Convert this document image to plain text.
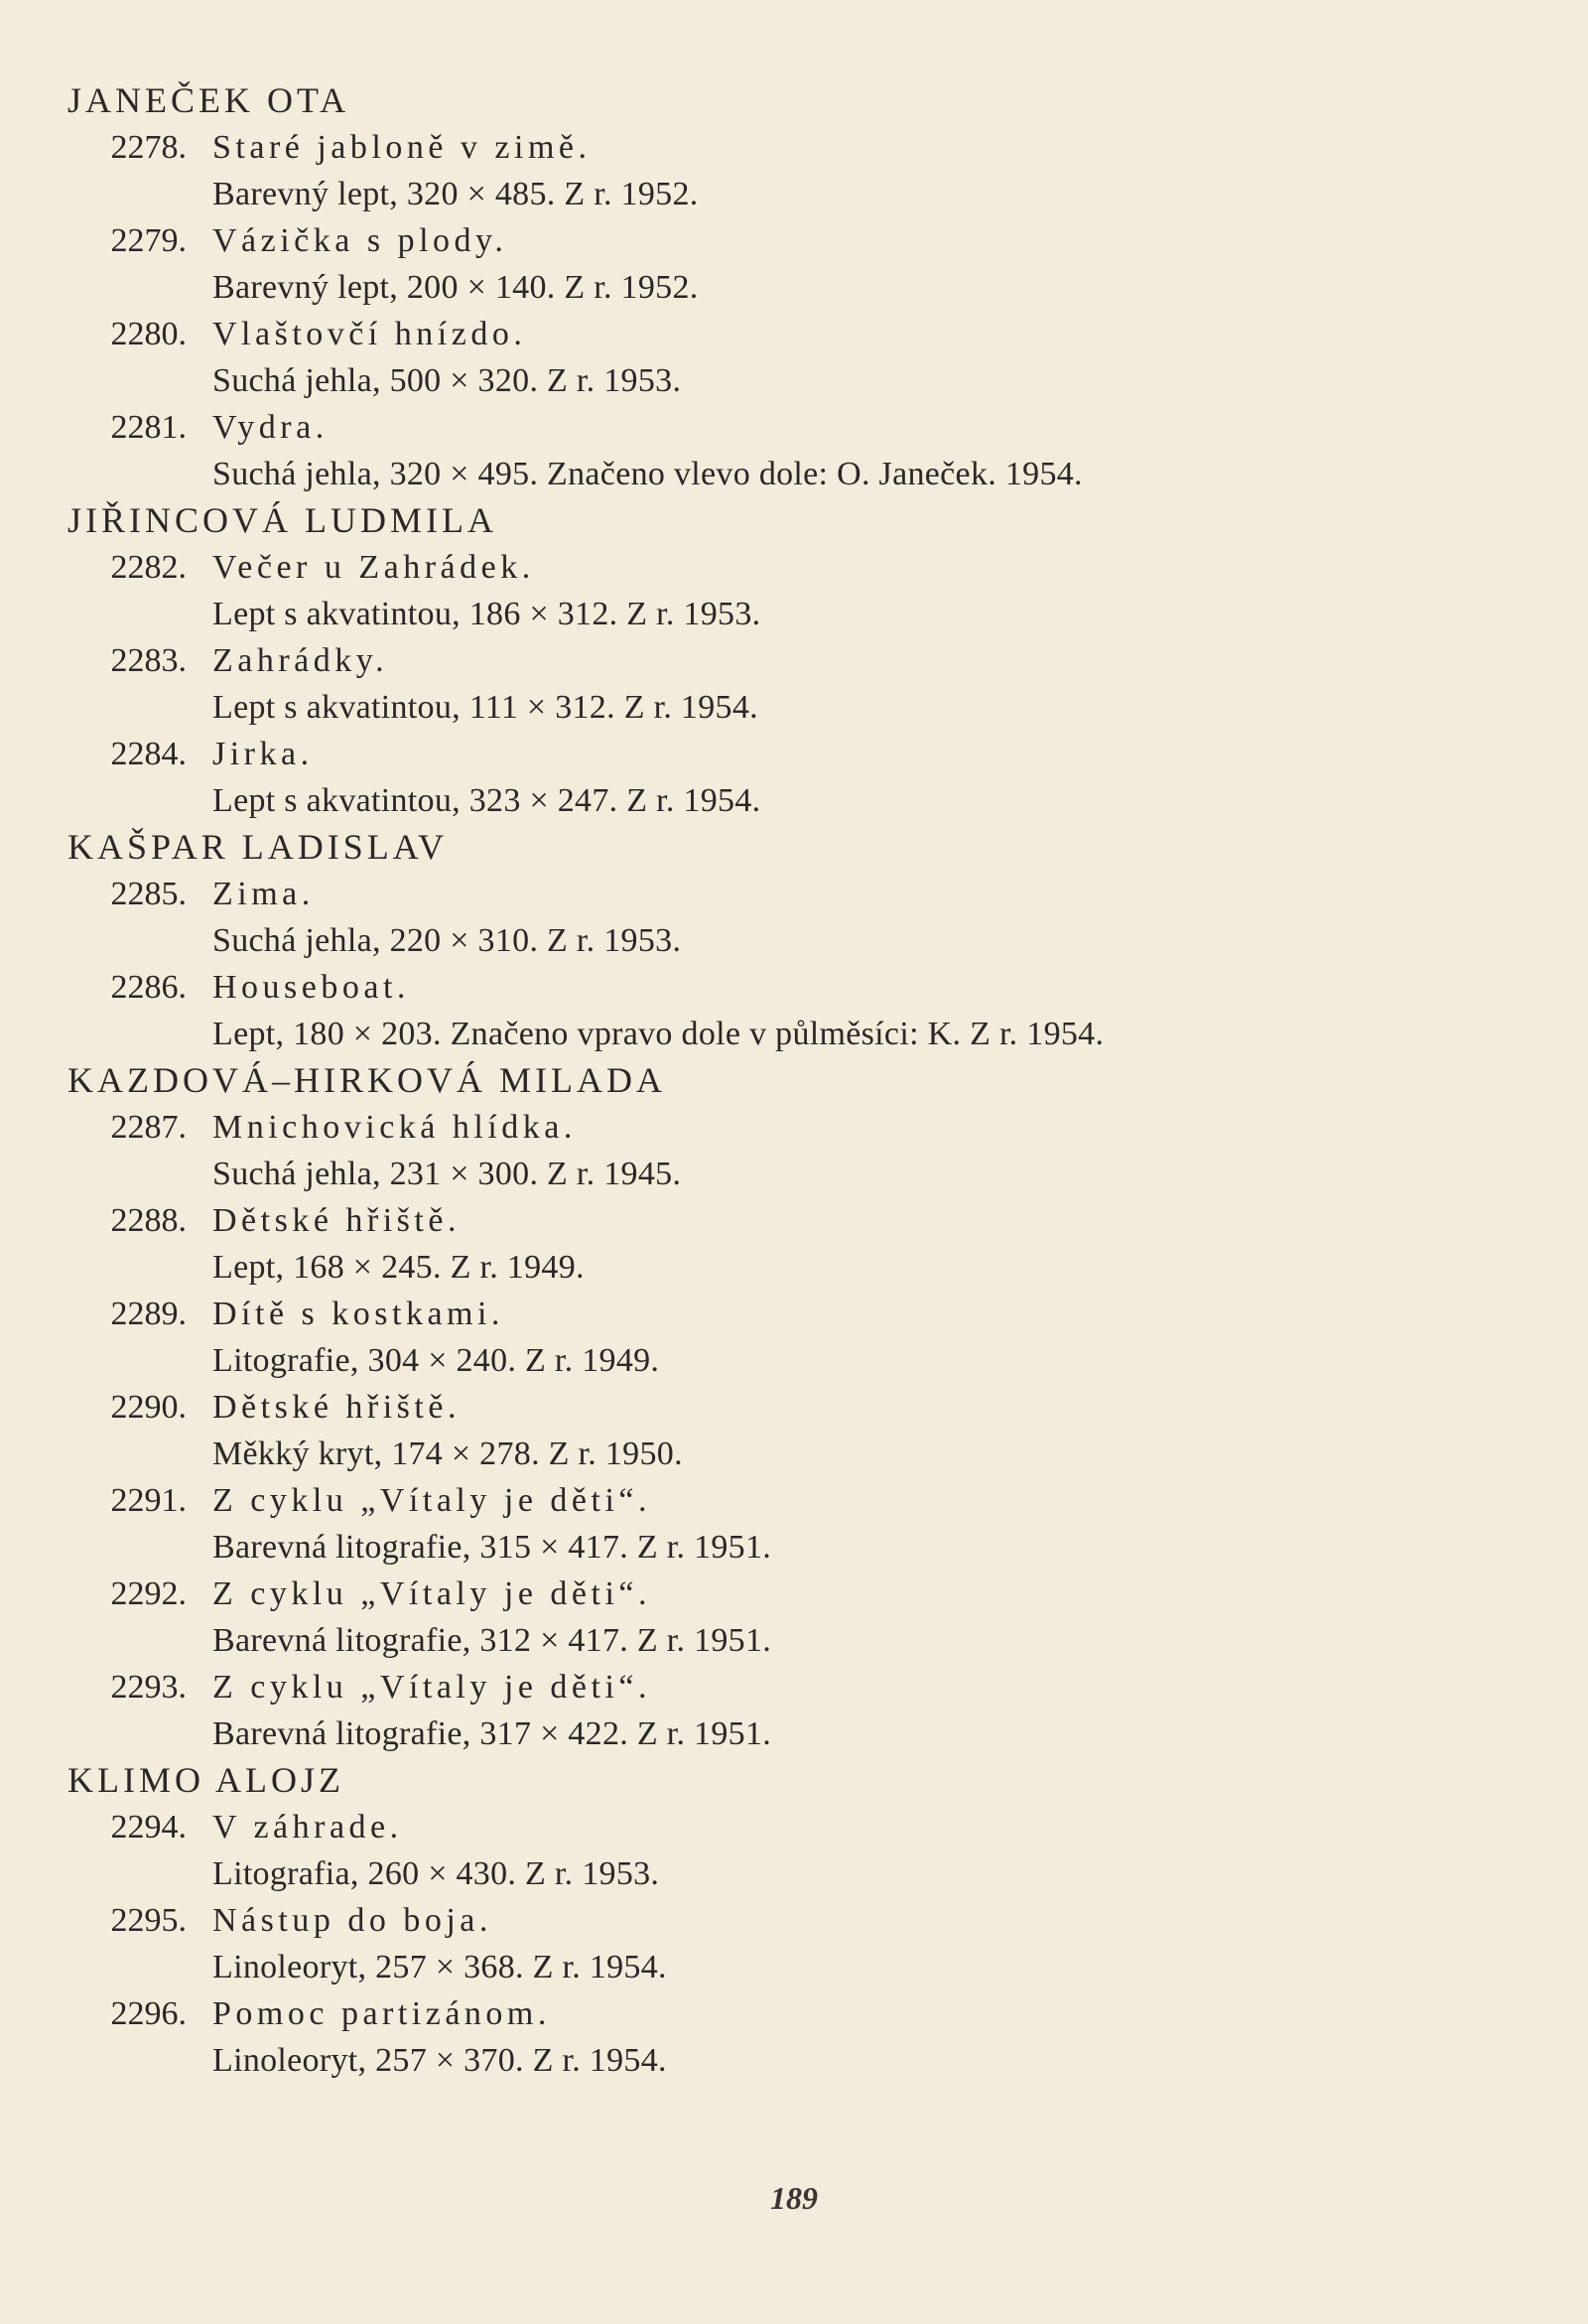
JANEČEK OTA
2278. Staré jabloně v zimě.
Barevný lept, 320 × 485. Z r. 1952.
2279. Vázička s plody.
Barevný lept, 200 × 140. Z r. 1952.
2280. Vlaštovčí hnízdo.
Suchá jehla, 500 × 320. Z r. 1953.
2281. Vydra.
Suchá jehla, 320 × 495. Značeno vlevo dole: O. Janeček. 1954.
JIŘINCOVÁ LUDMILA
2282. Večer u Zahrádek.
Lept s akvatintou, 186 × 312. Z r. 1953.
2283. Zahrádky.
Lept s akvatintou, 111 × 312. Z r. 1954.
2284. Jirka.
Lept s akvatintou, 323 × 247. Z r. 1954.
KAŠPAR LADISLAV
2285. Zima.
Suchá jehla, 220 × 310. Z r. 1953.
2286. Houseboat.
Lept, 180 × 203. Značeno vpravo dole v půlměsíci: K. Z r. 1954.
KAZDOVÁ–HIRKOVÁ MILADA
2287. Mnichovická hlídka.
Suchá jehla, 231 × 300. Z r. 1945.
2288. Dětské hřiště.
Lept, 168 × 245. Z r. 1949.
2289. Dítě s kostkami.
Litografie, 304 × 240. Z r. 1949.
2290. Dětské hřiště.
Měkký kryt, 174 × 278. Z r. 1950.
2291. Z cyklu „Vítaly je děti“.
Barevná litografie, 315 × 417. Z r. 1951.
2292. Z cyklu „Vítaly je děti“.
Barevná litografie, 312 × 417. Z r. 1951.
2293. Z cyklu „Vítaly je děti“.
Barevná litografie, 317 × 422. Z r. 1951.
KLIMO ALOJZ
2294. V záhrade.
Litografia, 260 × 430. Z r. 1953.
2295. Nástup do boja.
Linoleoryt, 257 × 368. Z r. 1954.
2296. Pomoc partizánom.
Linoleoryt, 257 × 370. Z r. 1954.
189
